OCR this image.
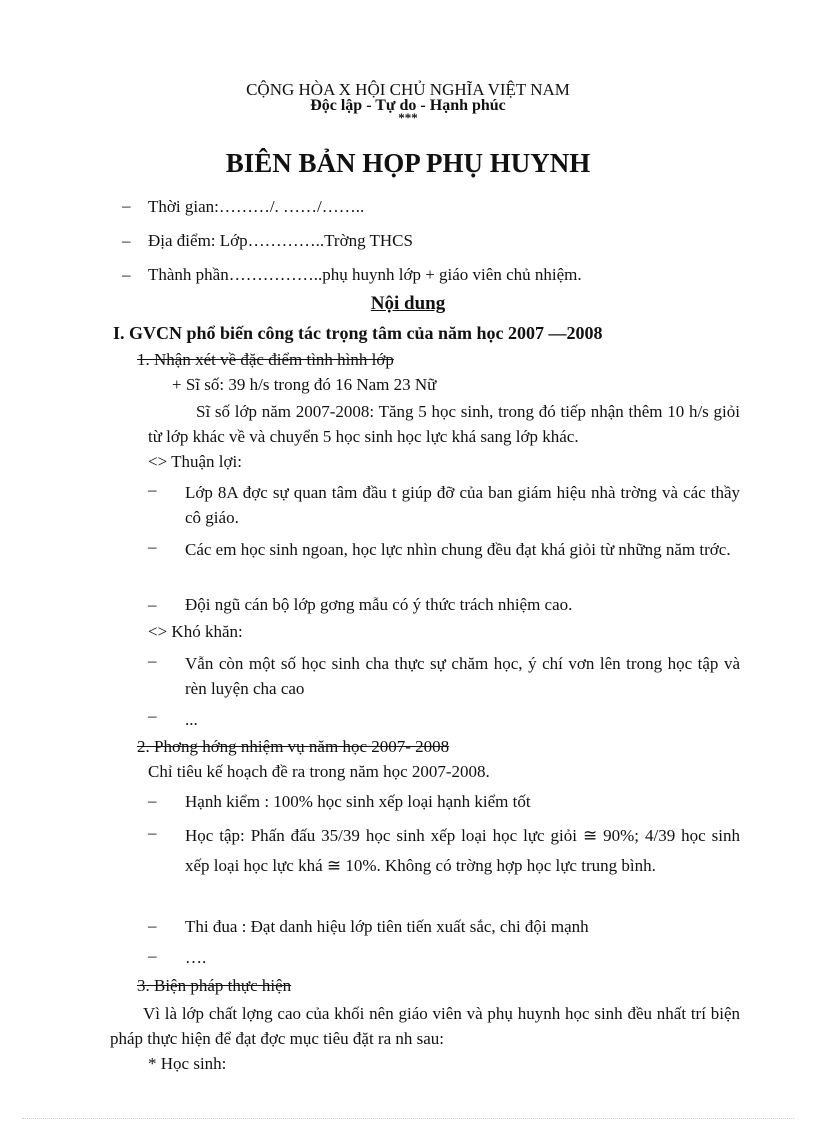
CỘNG HÒA X HỘI CHỦ NGHĨA VIỆT NAM
Độc lập - Tự do - Hạnh phúc
***
BIÊN BẢN HỌP PHỤ HUYNH
– Thời gian:………/. ……/……..
– Địa điểm: Lớp…………..Trờng THCS
– Thành phần……………..phụ huynh lớp + giáo viên chủ nhiệm.
Nội dung
I. GVCN phổ biến công tác trọng tâm của năm học 2007 —2008
1. Nhận xét về đặc điểm tình hình lớp
+ Sĩ số: 39 h/s trong đó 16 Nam 23 Nữ
Sĩ số lớp năm 2007-2008: Tăng 5 học sinh, trong đó tiếp nhận thêm 10 h/s giỏi từ lớp khác về và chuyển 5 học sinh học lực khá sang lớp khác.
<> Thuận lợi:
– Lớp 8A đợc sự quan tâm đầu t giúp đỡ của ban giám hiệu nhà trờng và các thầy cô giáo.
– Các em học sinh ngoan, học lực nhìn chung đều đạt khá giỏi từ những năm trớc.
– Đội ngũ cán bộ lớp gơng mẫu có ý thức trách nhiệm cao.
<> Khó khăn:
– Vẫn còn một số học sinh cha thực sự chăm học, ý chí vơn lên trong học tập và rèn luyện cha cao
– ...
2. Phơng hớng nhiệm vụ năm học 2007- 2008
Chỉ tiêu kế hoạch đề ra trong năm học 2007-2008.
– Hạnh kiểm : 100% học sinh xếp loại hạnh kiểm tốt
– Học tập: Phấn đấu 35/39 học sinh xếp loại học lực giỏi ≅ 90%; 4/39 học sinh xếp loại học lực khá ≅ 10%. Không có trờng hợp học lực trung bình.
– Thi đua : Đạt danh hiệu lớp tiên tiến xuất sắc, chi đội mạnh
– ….
3. Biện pháp thực hiện
Vì là lớp chất lợng cao của khối nên giáo viên và phụ huynh học sinh đều nhất trí biện pháp thực hiện để đạt đợc mục tiêu đặt ra nh sau:
* Học sinh:
